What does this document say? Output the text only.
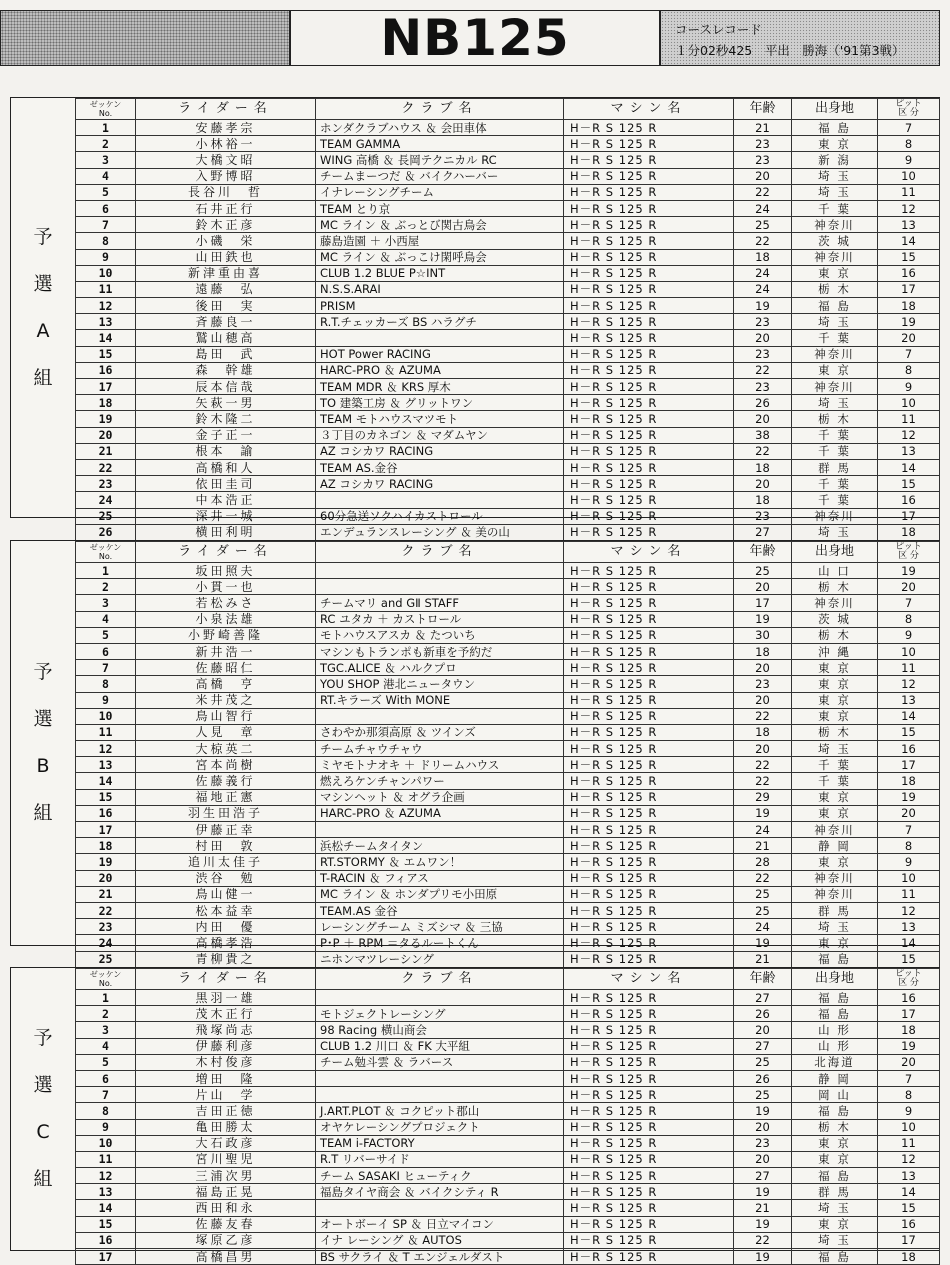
NB125	コースレコード
１分02秒425　平出　勝海（'91第3戦）
予
選
A
組
ゼッケン
No.	ライダー名	クラブ名	マシン名	年齢	出身地	ピット
区 分

1	安藤孝宗	ホンダクラブハウス ＆ 会田車体	H－R S 125 R	21	福 島	7
2	小林裕一	TEAM GAMMA	H－R S 125 R	23	東 京	8
3	大橋文昭	WING 高橋 ＆ 長岡テクニカル RC	H－R S 125 R	23	新 潟	9
4	入野博昭	チームまーつだ ＆ バイクハーバー	H－R S 125 R	20	埼 玉	10
5	長谷川　哲	イナレーシングチーム	H－R S 125 R	22	埼 玉	11
6	石井正行	TEAM とり京	H－R S 125 R	24	千 葉	12
7	鈴木正彦	MC ライン ＆ ぶっとび関古鳥会	H－R S 125 R	25	神奈川	13
8	小磯　栄	藤島造園 ＋ 小西屋	H－R S 125 R	22	茨 城	14
9	山田鉄也	MC ライン ＆ ぶっこけ閑呼鳥会	H－R S 125 R	18	神奈川	15
10	新津重由喜	CLUB 1.2 BLUE P☆INT	H－R S 125 R	24	東 京	16
11	遠藤　弘	N.S.S.ARAI	H－R S 125 R	24	栃 木	17
12	後田　実	PRISM	H－R S 125 R	19	福 島	18
13	斉藤良一	R.T.チェッカーズ BS ハラグチ	H－R S 125 R	23	埼 玉	19
14	鷲山穂高		H－R S 125 R	20	千 葉	20
15	島田　武	HOT Power RACING	H－R S 125 R	23	神奈川	7
16	森　幹雄	HARC-PRO ＆ AZUMA	H－R S 125 R	22	東 京	8
17	辰本信哉	TEAM MDR ＆ KRS 厚木	H－R S 125 R	23	神奈川	9
18	矢萩一男	TO 建築工房 ＆ グリットワン	H－R S 125 R	26	埼 玉	10
19	鈴木隆二	TEAM モトハウスマツモト	H－R S 125 R	20	栃 木	11
20	金子正一	３丁目のカネゴン ＆ マダムヤン	H－R S 125 R	38	千 葉	12
21	根本　諭	AZ コシカワ RACING	H－R S 125 R	22	千 葉	13
22	高橋和人	TEAM AS.金谷	H－R S 125 R	18	群 馬	14
23	依田圭司	AZ コシカワ RACING	H－R S 125 R	20	千 葉	15
24	中本浩正		H－R S 125 R	18	千 葉	16
25	深井一城	60分急送ソクハイカストロール	H－R S 125 R	23	神奈川	17
26	横田利明	エンデュランスレーシング ＆ 美の山	H－R S 125 R	27	埼 玉	18
予
選
B
組
ゼッケン
No.	ライダー名	クラブ名	マシン名	年齢	出身地	ピット
区 分

1	坂田照夫		H－R S 125 R	25	山 口	19
2	小貫一也		H－R S 125 R	20	栃 木	20
3	若松みさ	チームマリ and GⅡ STAFF	H－R S 125 R	17	神奈川	7
4	小泉法雄	RC ユタカ ＋ カストロール	H－R S 125 R	19	茨 城	8
5	小野崎善隆	モトハウスアスカ ＆ たついち	H－R S 125 R	30	栃 木	9
6	新井浩一	マシンもトランポも新車を予約だ	H－R S 125 R	18	沖 縄	10
7	佐藤昭仁	TGC.ALICE ＆ ハルクプロ	H－R S 125 R	20	東 京	11
8	高橋　亨	YOU SHOP 港北ニュータウン	H－R S 125 R	23	東 京	12
9	米井茂之	RT.キラーズ With MONE	H－R S 125 R	20	東 京	13
10	鳥山智行		H－R S 125 R	22	東 京	14
11	人見　章	さわやか那須高原 ＆ ツインズ	H－R S 125 R	18	栃 木	15
12	大椋英二	チームチャウチャウ	H－R S 125 R	20	埼 玉	16
13	宮本尚樹	ミヤモトナオキ ＋ ドリームハウス	H－R S 125 R	22	千 葉	17
14	佐藤義行	燃えろケンチャンパワー	H－R S 125 R	22	千 葉	18
15	福地正憲	マシンヘット ＆ オグラ企画	H－R S 125 R	29	東 京	19
16	羽生田浩子	HARC-PRO ＆ AZUMA	H－R S 125 R	19	東 京	20
17	伊藤正幸		H－R S 125 R	24	神奈川	7
18	村田　敦	浜松チームタイタン	H－R S 125 R	21	静 岡	8
19	追川太佳子	RT.STORMY ＆ エムワン！	H－R S 125 R	28	東 京	9
20	渋谷　勉	T-RACIN ＆ フィアス	H－R S 125 R	22	神奈川	10
21	鳥山健一	MC ライン ＆ ホンダプリモ小田原	H－R S 125 R	25	神奈川	11
22	松本益幸	TEAM.AS 金谷	H－R S 125 R	25	群 馬	12
23	内田　優	レーシングチーム ミズシマ ＆ 三協	H－R S 125 R	24	埼 玉	13
24	高橋孝浩	P･P ＋ RPM ＝タるルートくん	H－R S 125 R	19	東 京	14
25	青柳貴之	ニホンマツレーシング	H－R S 125 R	21	福 島	15
予
選
C
組
ゼッケン
No.	ライダー名	クラブ名	マシン名	年齢	出身地	ピット
区 分

1	黒羽一雄		H－R S 125 R	27	福 島	16
2	茂木正行	モトジェクトレーシング	H－R S 125 R	26	福 島	17
3	飛塚尚志	98 Racing 横山商会	H－R S 125 R	20	山 形	18
4	伊藤利彦	CLUB 1.2 川口 ＆ FK 大平組	H－R S 125 R	27	山 形	19
5	木村俊彦	チーム勉斗雲 ＆ ラバース	H－R S 125 R	25	北海道	20
6	増田　隆		H－R S 125 R	26	静 岡	7
7	片山　学		H－R S 125 R	25	岡 山	8
8	吉田正徳	J.ART.PLOT ＆ コクピット郡山	H－R S 125 R	19	福 島	9
9	亀田勝太	オヤケレーシングプロジェクト	H－R S 125 R	20	栃 木	10
10	大石政彦	TEAM i-FACTORY	H－R S 125 R	23	東 京	11
11	宮川聖児	R.T リバーサイド	H－R S 125 R	20	東 京	12
12	三浦次男	チーム SASAKI ヒューティク	H－R S 125 R	27	福 島	13
13	福島正晃	福島タイヤ商会 ＆ バイクシティ R	H－R S 125 R	19	群 馬	14
14	西田和永		H－R S 125 R	21	埼 玉	15
15	佐藤友春	オートボーイ SP ＆ 日立マイコン	H－R S 125 R	19	東 京	16
16	塚原乙彦	イナ レーシング ＆ AUTOS	H－R S 125 R	22	埼 玉	17
17	高橋昌男	BS サクライ ＆ T エンジェルダスト	H－R S 125 R	19	福 島	18
